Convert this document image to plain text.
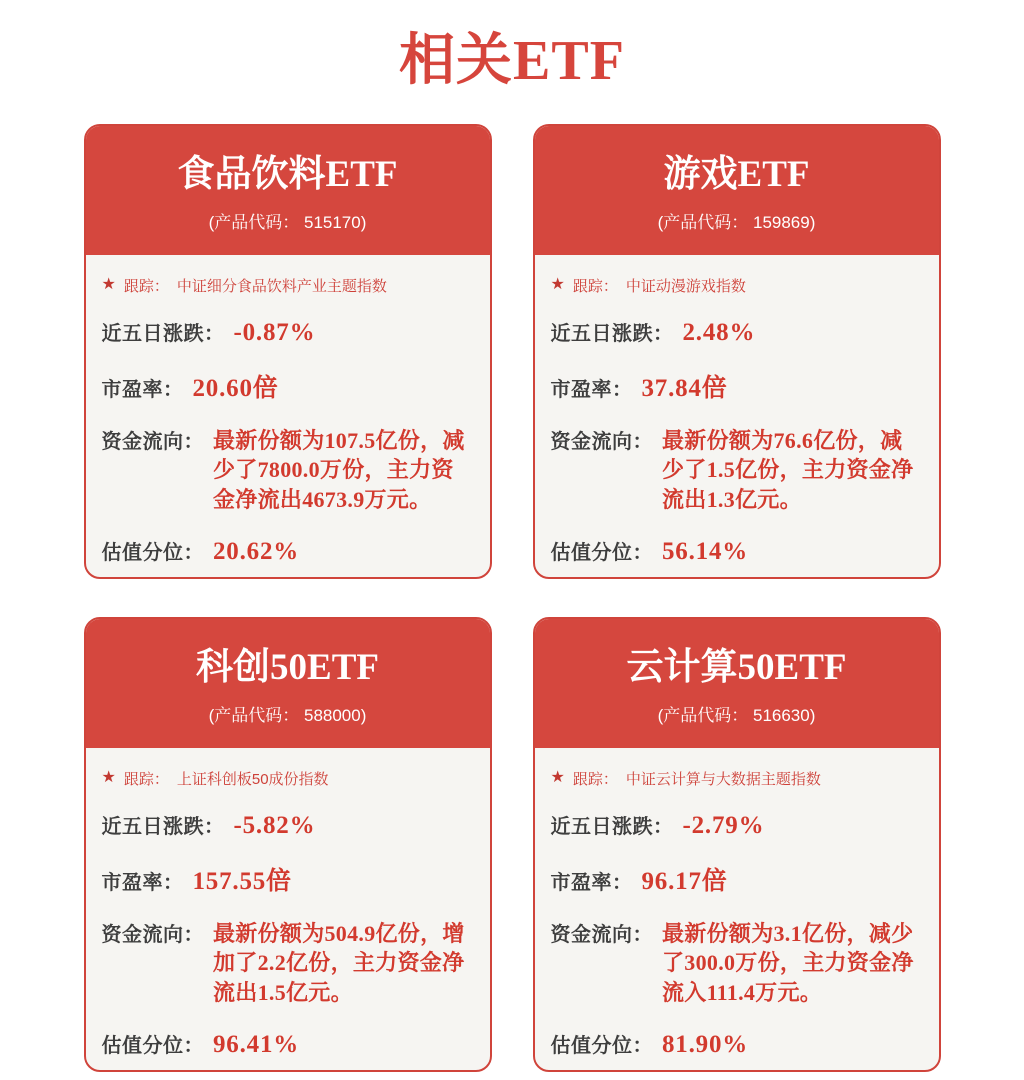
相关ETF
食品饮料ETF
(产品代码： 515170)
★ 跟踪： 中证细分食品饮料产业主题指数
近五日涨跌： -0.87%
市盈率： 20.60倍
资金流向： 最新份额为107.5亿份，减少了7800.0万份，主力资金净流出4673.9万元。
估值分位： 20.62%
游戏ETF
(产品代码： 159869)
★ 跟踪： 中证动漫游戏指数
近五日涨跌： 2.48%
市盈率： 37.84倍
资金流向： 最新份额为76.6亿份，减少了1.5亿份，主力资金净流出1.3亿元。
估值分位： 56.14%
科创50ETF
(产品代码： 588000)
★ 跟踪： 上证科创板50成份指数
近五日涨跌： -5.82%
市盈率： 157.55倍
资金流向： 最新份额为504.9亿份，增加了2.2亿份，主力资金净流出1.5亿元。
估值分位： 96.41%
云计算50ETF
(产品代码： 516630)
★ 跟踪： 中证云计算与大数据主题指数
近五日涨跌： -2.79%
市盈率： 96.17倍
资金流向： 最新份额为3.1亿份，减少了300.0万份，主力资金净流入111.4万元。
估值分位： 81.90%
